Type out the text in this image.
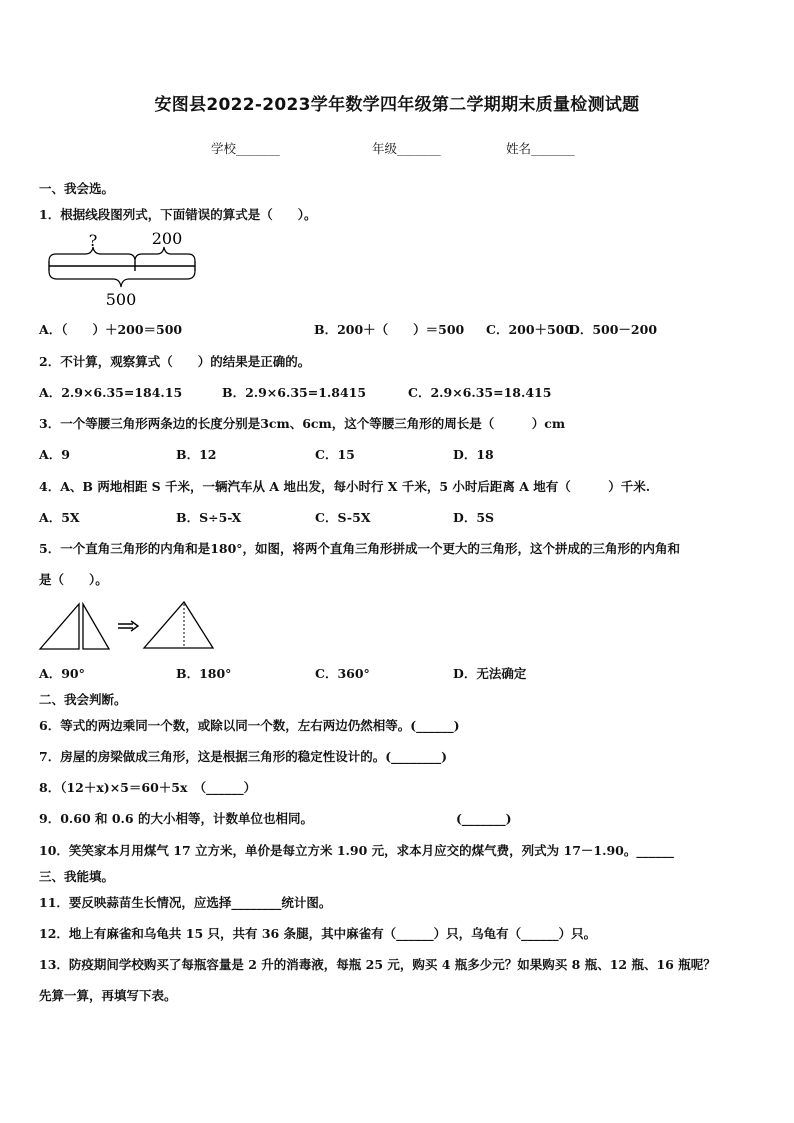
安图县2022-2023学年数学四年级第二学期期末质量检测试题
学校_______	年级_______	姓名_______
一、我会选。
1．根据线段图列式，下面错误的算式是（　　）。
?	200
500
A．（　　）＋200＝500	B．200＋（　　）＝500 C．200＋500
D．500－200
2．不计算，观察算式（　　）的结果是正确的。
A．2.9×6.35=184.15	B．2.9×6.35=1.8415	C．2.9×6.35=18.415
3．一个等腰三角形两条边的长度分别是3cm、6cm，这个等腰三角形的周长是（　　　）cm
A．9	B．12	C．15	D．18
4．A、B 两地相距 S 千米，一辆汽车从 A 地出发，每小时行 X 千米，5 小时后距离 A 地有（　　　）千米.
A．5X	B．S÷5-X	C．S-5X	D．5S
5．一个直角三角形的内角和是180°，如图，将两个直角三角形拼成一个更大的三角形，这个拼成的三角形的内角和
是（　　）。
A．90°	B．180°	C．360°	D．无法确定
二、我会判断。
6．等式的两边乘同一个数，或除以同一个数，左右两边仍然相等。(______)
7．房屋的房梁做成三角形，这是根据三角形的稳定性设计的。(________)
8．（12＋x)×5＝60＋5x　（______）
9．0.60 和 0.6 的大小相等，计数单位也相同。	(_______)
10．笑笑家本月用煤气 17 立方米，单价是每立方米 1.90 元，求本月应交的煤气费，列式为 17－1.90。______
三、我能填。
11．要反映蒜苗生长情况，应选择________统计图。
12．地上有麻雀和乌龟共 15 只，共有 36 条腿，其中麻雀有（______）只，乌龟有（______）只。
13．防疫期间学校购买了每瓶容量是 2 升的消毒液，每瓶 25 元，购买 4 瓶多少元？如果购买 8 瓶、12 瓶、16 瓶呢？
先算一算，再填写下表。
